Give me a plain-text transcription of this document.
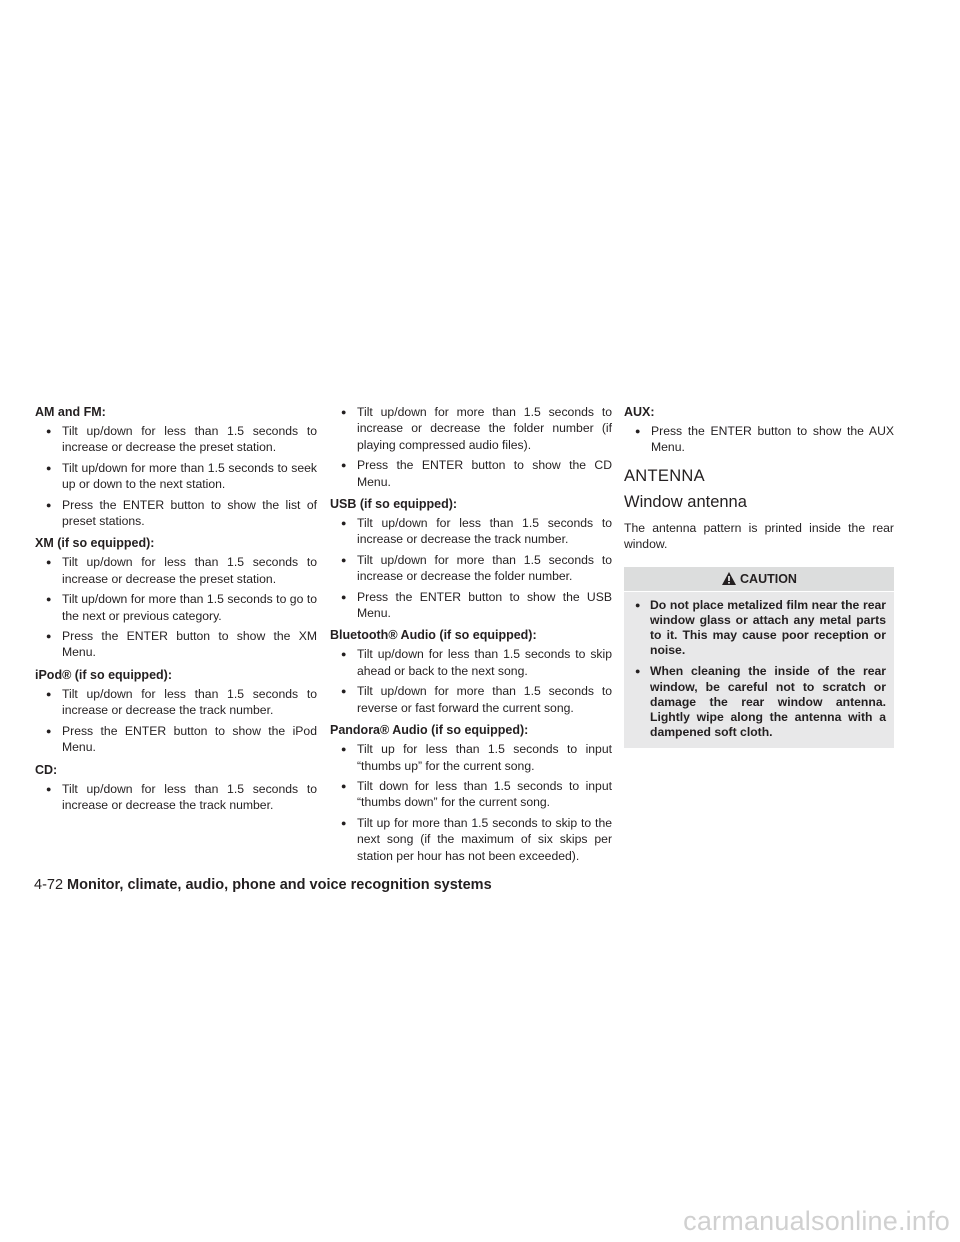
AM and FM:
● Tilt up/down for less than 1.5 seconds to increase or decrease the preset station.
● Tilt up/down for more than 1.5 seconds to seek up or down to the next station.
● Press the ENTER button to show the list of preset stations.
XM (if so equipped):
● Tilt up/down for less than 1.5 seconds to increase or decrease the preset station.
● Tilt up/down for more than 1.5 seconds to go to the next or previous category.
● Press the ENTER button to show the XM Menu.
iPod® (if so equipped):
● Tilt up/down for less than 1.5 seconds to increase or decrease the track number.
● Press the ENTER button to show the iPod Menu.
CD:
● Tilt up/down for less than 1.5 seconds to increase or decrease the track number.
● Tilt up/down for more than 1.5 seconds to increase or decrease the folder number (if playing compressed audio files).
● Press the ENTER button to show the CD Menu.
USB (if so equipped):
● Tilt up/down for less than 1.5 seconds to increase or decrease the track number.
● Tilt up/down for more than 1.5 seconds to increase or decrease the folder number.
● Press the ENTER button to show the USB Menu.
Bluetooth® Audio (if so equipped):
● Tilt up/down for less than 1.5 seconds to skip ahead or back to the next song.
● Tilt up/down for more than 1.5 seconds to reverse or fast forward the current song.
Pandora® Audio (if so equipped):
● Tilt up for less than 1.5 seconds to input “thumbs up” for the current song.
● Tilt down for less than 1.5 seconds to input “thumbs down” for the current song.
● Tilt up for more than 1.5 seconds to skip to the next song (if the maximum of six skips per station per hour has not been exceeded).
AUX:
● Press the ENTER button to show the AUX Menu.
ANTENNA
Window antenna

The antenna pattern is printed inside the rear window.

CAUTION
● Do not place metalized film near the rear window glass or attach any metal parts to it. This may cause poor reception or noise.
● When cleaning the inside of the rear window, be careful not to scratch or damage the rear window antenna. Lightly wipe along the antenna with a dampened soft cloth.
4-72 Monitor, climate, audio, phone and voice recognition systems
carmanualsonline.info
